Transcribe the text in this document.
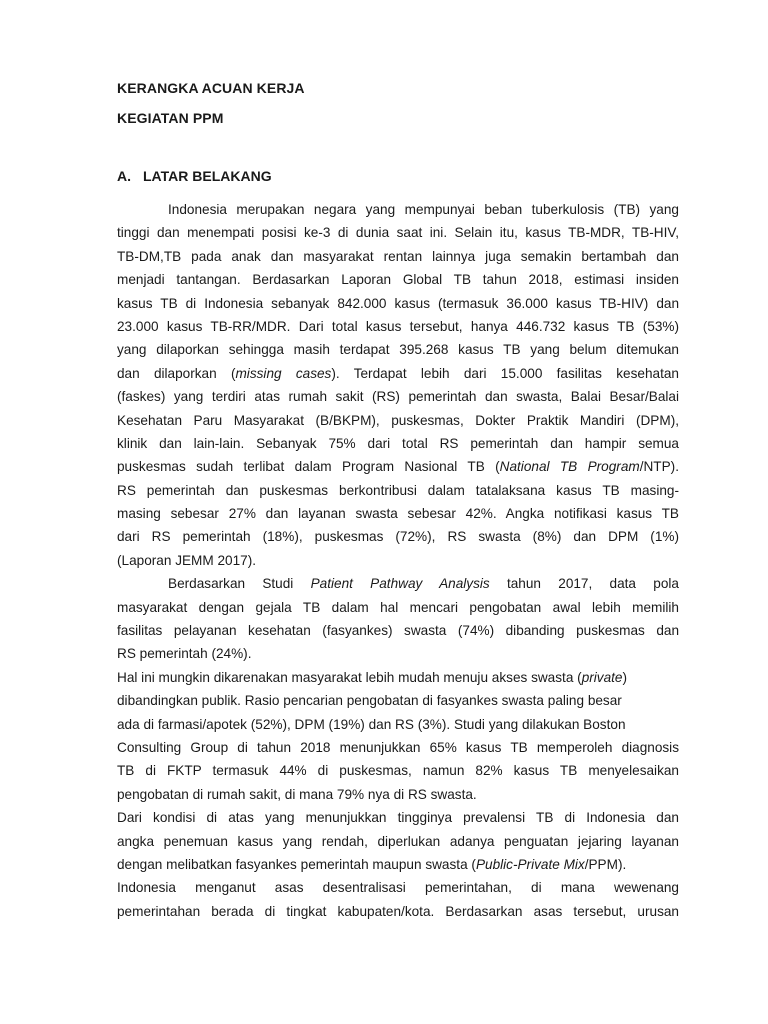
KERANGKA ACUAN KERJA
KEGIATAN PPM
A. LATAR BELAKANG
Indonesia merupakan negara yang mempunyai beban tuberkulosis (TB) yang
tinggi dan menempati posisi ke-3 di dunia saat ini. Selain itu, kasus TB-MDR, TB-HIV,
TB-DM,TB pada anak dan masyarakat rentan lainnya juga semakin bertambah dan
menjadi tantangan. Berdasarkan Laporan Global TB tahun 2018, estimasi insiden
kasus TB di Indonesia sebanyak 842.000 kasus (termasuk 36.000 kasus TB-HIV) dan
23.000 kasus TB-RR/MDR. Dari total kasus tersebut, hanya 446.732 kasus TB (53%)
yang dilaporkan sehingga masih terdapat 395.268 kasus TB yang belum ditemukan
dan dilaporkan (missing cases). Terdapat lebih dari 15.000 fasilitas kesehatan
(faskes) yang terdiri atas rumah sakit (RS) pemerintah dan swasta, Balai Besar/Balai
Kesehatan Paru Masyarakat (B/BKPM), puskesmas, Dokter Praktik Mandiri (DPM),
klinik dan lain-lain. Sebanyak 75% dari total RS pemerintah dan hampir semua
puskesmas sudah terlibat dalam Program Nasional TB (National TB Program/NTP).
RS pemerintah dan puskesmas berkontribusi dalam tatalaksana kasus TB masing-
masing sebesar 27% dan layanan swasta sebesar 42%. Angka notifikasi kasus TB
dari RS pemerintah (18%), puskesmas (72%), RS swasta (8%) dan DPM (1%)
(Laporan JEMM 2017).
Berdasarkan Studi Patient Pathway Analysis tahun 2017, data pola
masyarakat dengan gejala TB dalam hal mencari pengobatan awal lebih memilih
fasilitas pelayanan kesehatan (fasyankes) swasta (74%) dibanding puskesmas dan
RS pemerintah (24%).
Hal ini mungkin dikarenakan masyarakat lebih mudah menuju akses swasta (private)
dibandingkan publik. Rasio pencarian pengobatan di fasyankes swasta paling besar
ada di farmasi/apotek (52%), DPM (19%) dan RS (3%). Studi yang dilakukan Boston
Consulting Group di tahun 2018 menunjukkan 65% kasus TB memperoleh diagnosis
TB di FKTP termasuk 44% di puskesmas, namun 82% kasus TB menyelesaikan
pengobatan di rumah sakit, di mana 79% nya di RS swasta.
Dari kondisi di atas yang menunjukkan tingginya prevalensi TB di Indonesia dan
angka penemuan kasus yang rendah, diperlukan adanya penguatan jejaring layanan
dengan melibatkan fasyankes pemerintah maupun swasta (Public-Private Mix/PPM).
Indonesia menganut asas desentralisasi pemerintahan, di mana wewenang
pemerintahan berada di tingkat kabupaten/kota. Berdasarkan asas tersebut, urusan
